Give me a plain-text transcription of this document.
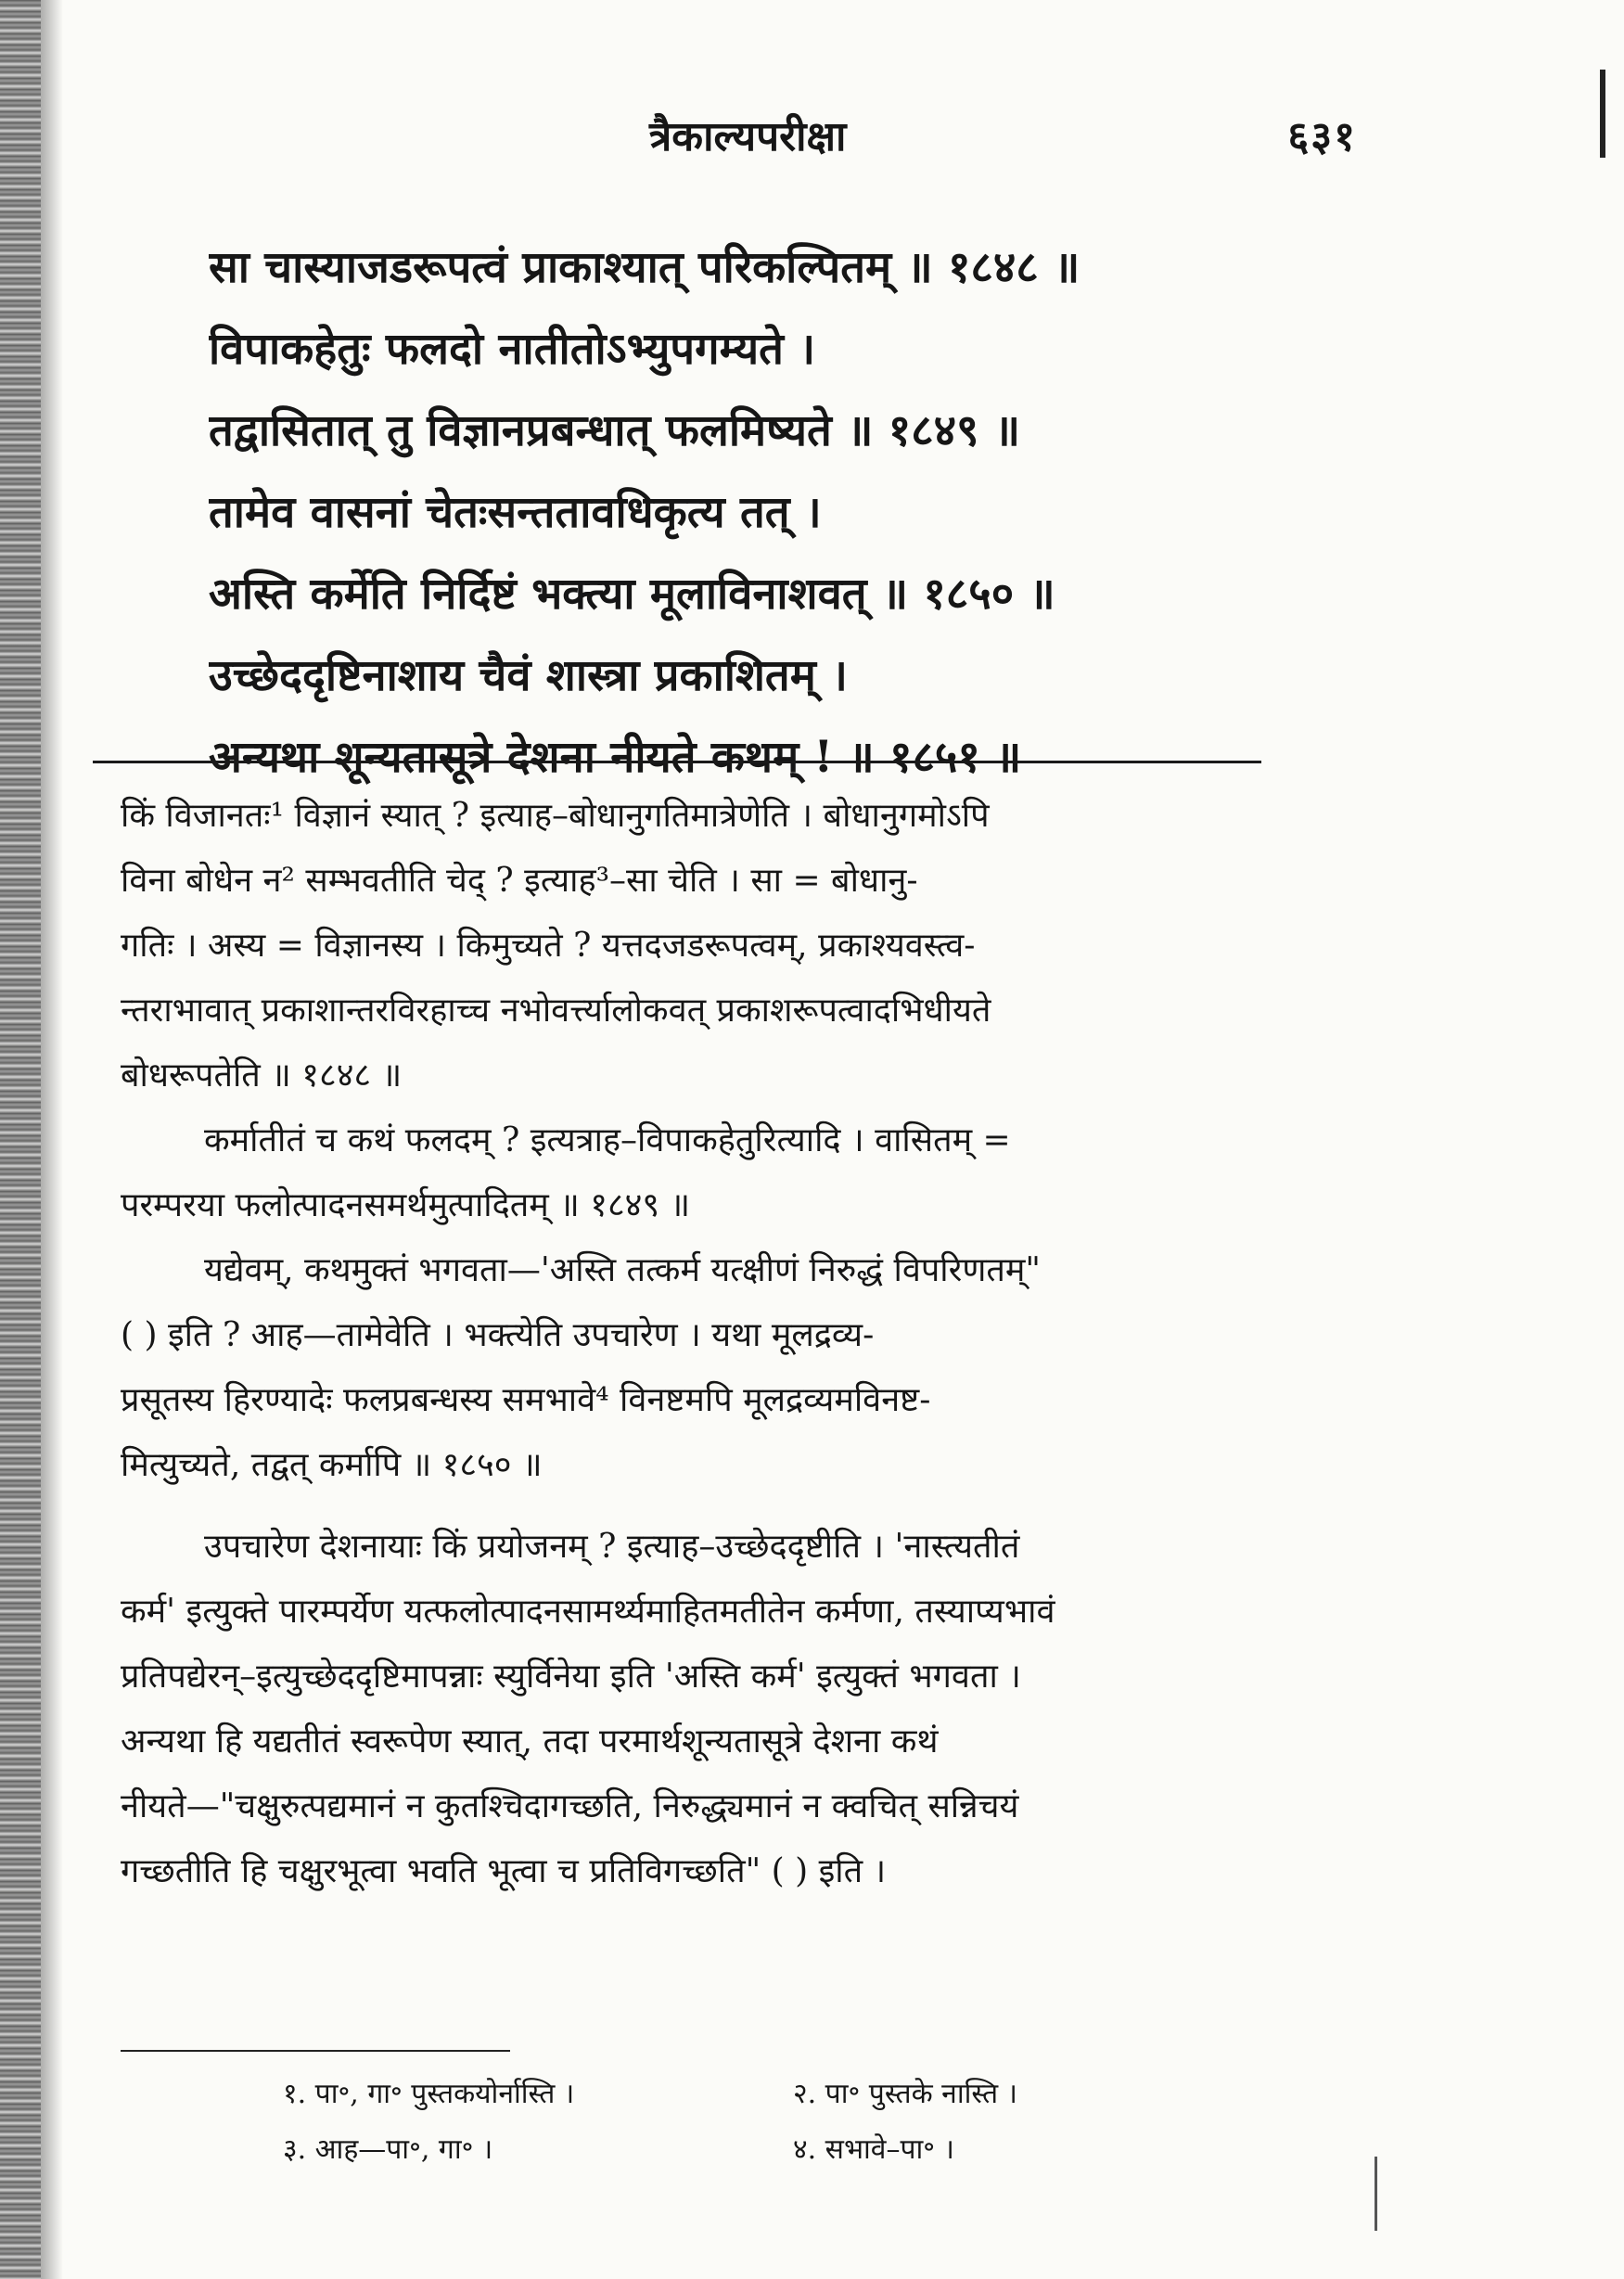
त्रैकाल्यपरीक्षा	६३१
सा चास्याजडरूपत्वं प्राकाश्यात् परिकल्पितम् ॥ १८४८ ॥
विपाकहेतुः फलदो नातीतोऽभ्युपगम्यते ।
तद्वासितात् तु विज्ञानप्रबन्धात् फलमिष्यते ॥ १८४९ ॥
तामेव वासनां चेतःसन्ततावधिकृत्य तत् ।
अस्ति कर्मेति निर्दिष्टं भक्त्या मूलाविनाशवत् ॥ १८५० ॥
उच्छेददृष्टिनाशाय चैवं शास्त्रा प्रकाशितम् ।
अन्यथा शून्यतासूत्रे देशना नीयते कथम् ! ॥ १८५१ ॥
किं विजानतः¹ विज्ञानं स्यात् ? इत्याह–बोधानुगतिमात्रेणेति । बोधानुगमोऽपि
विना बोधेन न² सम्भवतीति चेद् ? इत्याह³–सा चेति । सा = बोधानु-
गतिः । अस्य = विज्ञानस्य । किमुच्यते ? यत्तदजडरूपत्वम्, प्रकाश्यवस्त्व-
न्तराभावात् प्रकाशान्तरविरहाच्च नभोवर्त्त्यालोकवत् प्रकाशरूपत्वादभिधीयते
बोधरूपतेति ॥ १८४८ ॥
कर्मातीतं च कथं फलदम् ? इत्यत्राह–विपाकहेतुरित्यादि । वासितम् =
परम्परया फलोत्पादनसमर्थमुत्पादितम् ॥ १८४९ ॥
यद्येवम्, कथमुक्तं भगवता—'अस्ति तत्कर्म यत्क्षीणं निरुद्धं विपरिणतम्"
( ) इति ? आह—तामेवेति । भक्त्येति उपचारेण । यथा मूलद्रव्य-
प्रसूतस्य हिरण्यादेः फलप्रबन्धस्य समभावे⁴ विनष्टमपि मूलद्रव्यमविनष्ट-
मित्युच्यते, तद्वत् कर्मापि ॥ १८५० ॥
उपचारेण देशनायाः किं प्रयोजनम् ? इत्याह–उच्छेददृष्टीति । 'नास्त्यतीतं
कर्म' इत्युक्ते पारम्पर्येण यत्फलोत्पादनसामर्थ्यमाहितमतीतेन कर्मणा, तस्याप्यभावं
प्रतिपद्येरन्–इत्युच्छेददृष्टिमापन्नाः स्युर्विनेया इति 'अस्ति कर्म' इत्युक्तं भगवता ।
अन्यथा हि यद्यतीतं स्वरूपेण स्यात्, तदा परमार्थशून्यतासूत्रे देशना कथं
नीयते—"चक्षुरुत्पद्यमानं न कुतश्चिदागच्छति, निरुद्ध्यमानं न क्वचित् सन्निचयं
गच्छतीति हि चक्षुरभूत्वा भवति भूत्वा च प्रतिविगच्छति" ( ) इति ।
१. पा॰, गा॰ पुस्तकयोर्नास्ति ।	२. पा॰ पुस्तके नास्ति ।
३. आह—पा॰, गा॰ ।	४. सभावे–पा॰ ।
